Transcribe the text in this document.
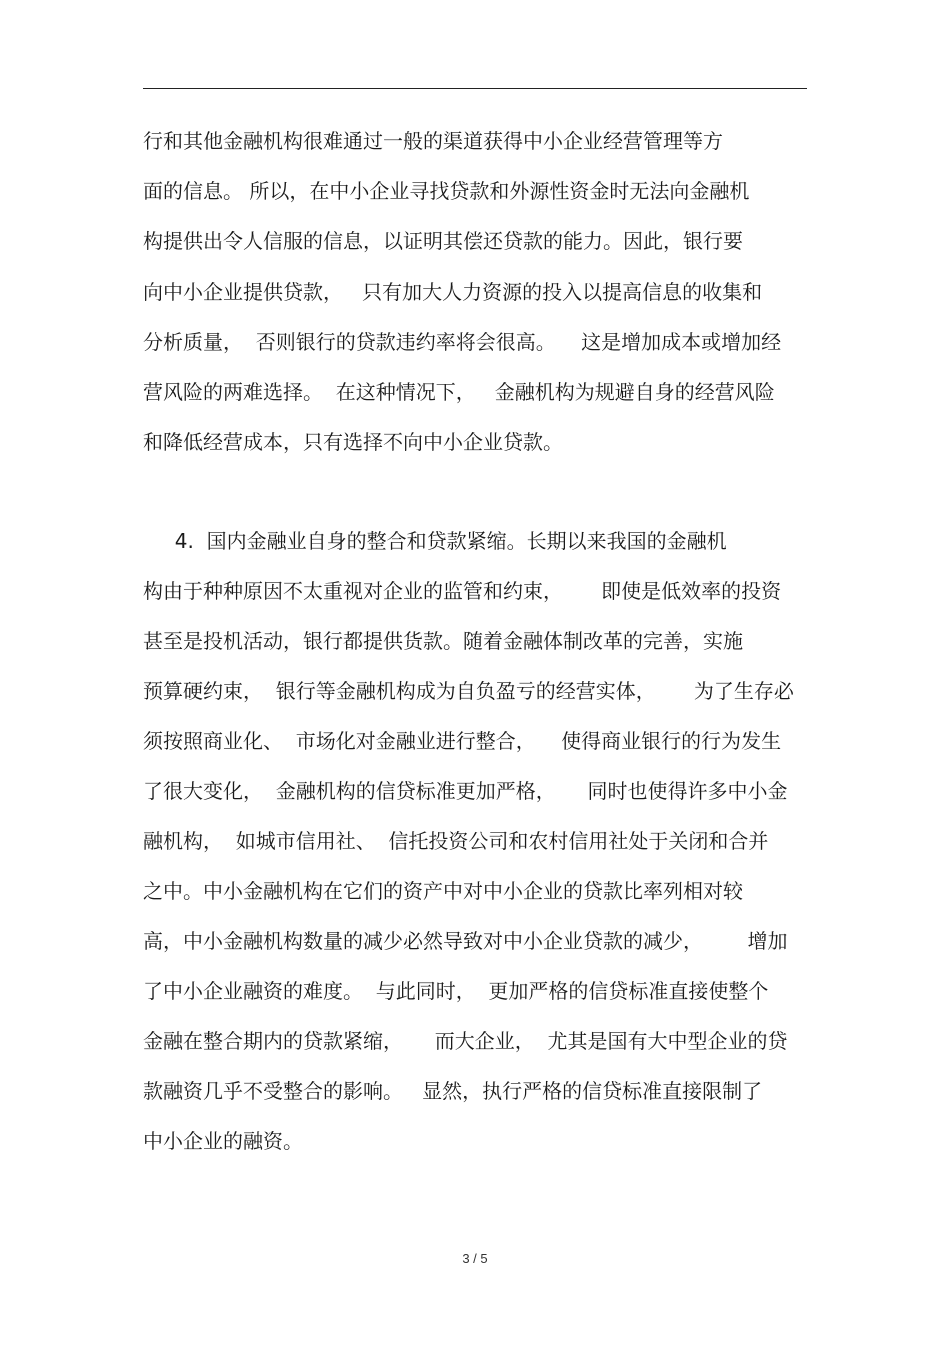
行和其他金融机构很难通过一般的渠道获得中小企业经营管理等方
面的信息。 所以，在中小企业寻找贷款和外源性资金时无法向金融机
构提供出令人信服的信息，以证明其偿还贷款的能力。因此，银行要
向中小企业提供贷款，   只有加大人力资源的投入以提高信息的收集和
分析质量，  否则银行的贷款违约率将会很高。    这是增加成本或增加经
营风险的两难选择。  在这种情况下，   金融机构为规避自身的经营风险
和降低经营成本，只有选择不向中小企业贷款。
4.  国内金融业自身的整合和贷款紧缩。长期以来我国的金融机
构由于种种原因不太重视对企业的监管和约束，      即使是低效率的投资
甚至是投机活动，银行都提供货款。随着金融体制改革的完善，实施
预算硬约束，  银行等金融机构成为自负盈亏的经营实体，      为了生存必
须按照商业化、  市场化对金融业进行整合，    使得商业银行的行为发生
了很大变化，  金融机构的信贷标准更加严格，     同时也使得许多中小金
融机构，  如城市信用社、  信托投资公司和农村信用社处于关闭和合并
之中。中小金融机构在它们的资产中对中小企业的贷款比率列相对较
高，中小金融机构数量的减少必然导致对中小企业贷款的减少，       增加
了中小企业融资的难度。  与此同时，  更加严格的信贷标准直接使整个
金融在整合期内的贷款紧缩，     而大企业，  尤其是国有大中型企业的贷
款融资几乎不受整合的影响。   显然，执行严格的信贷标准直接限制了
中小企业的融资。
3 / 5
